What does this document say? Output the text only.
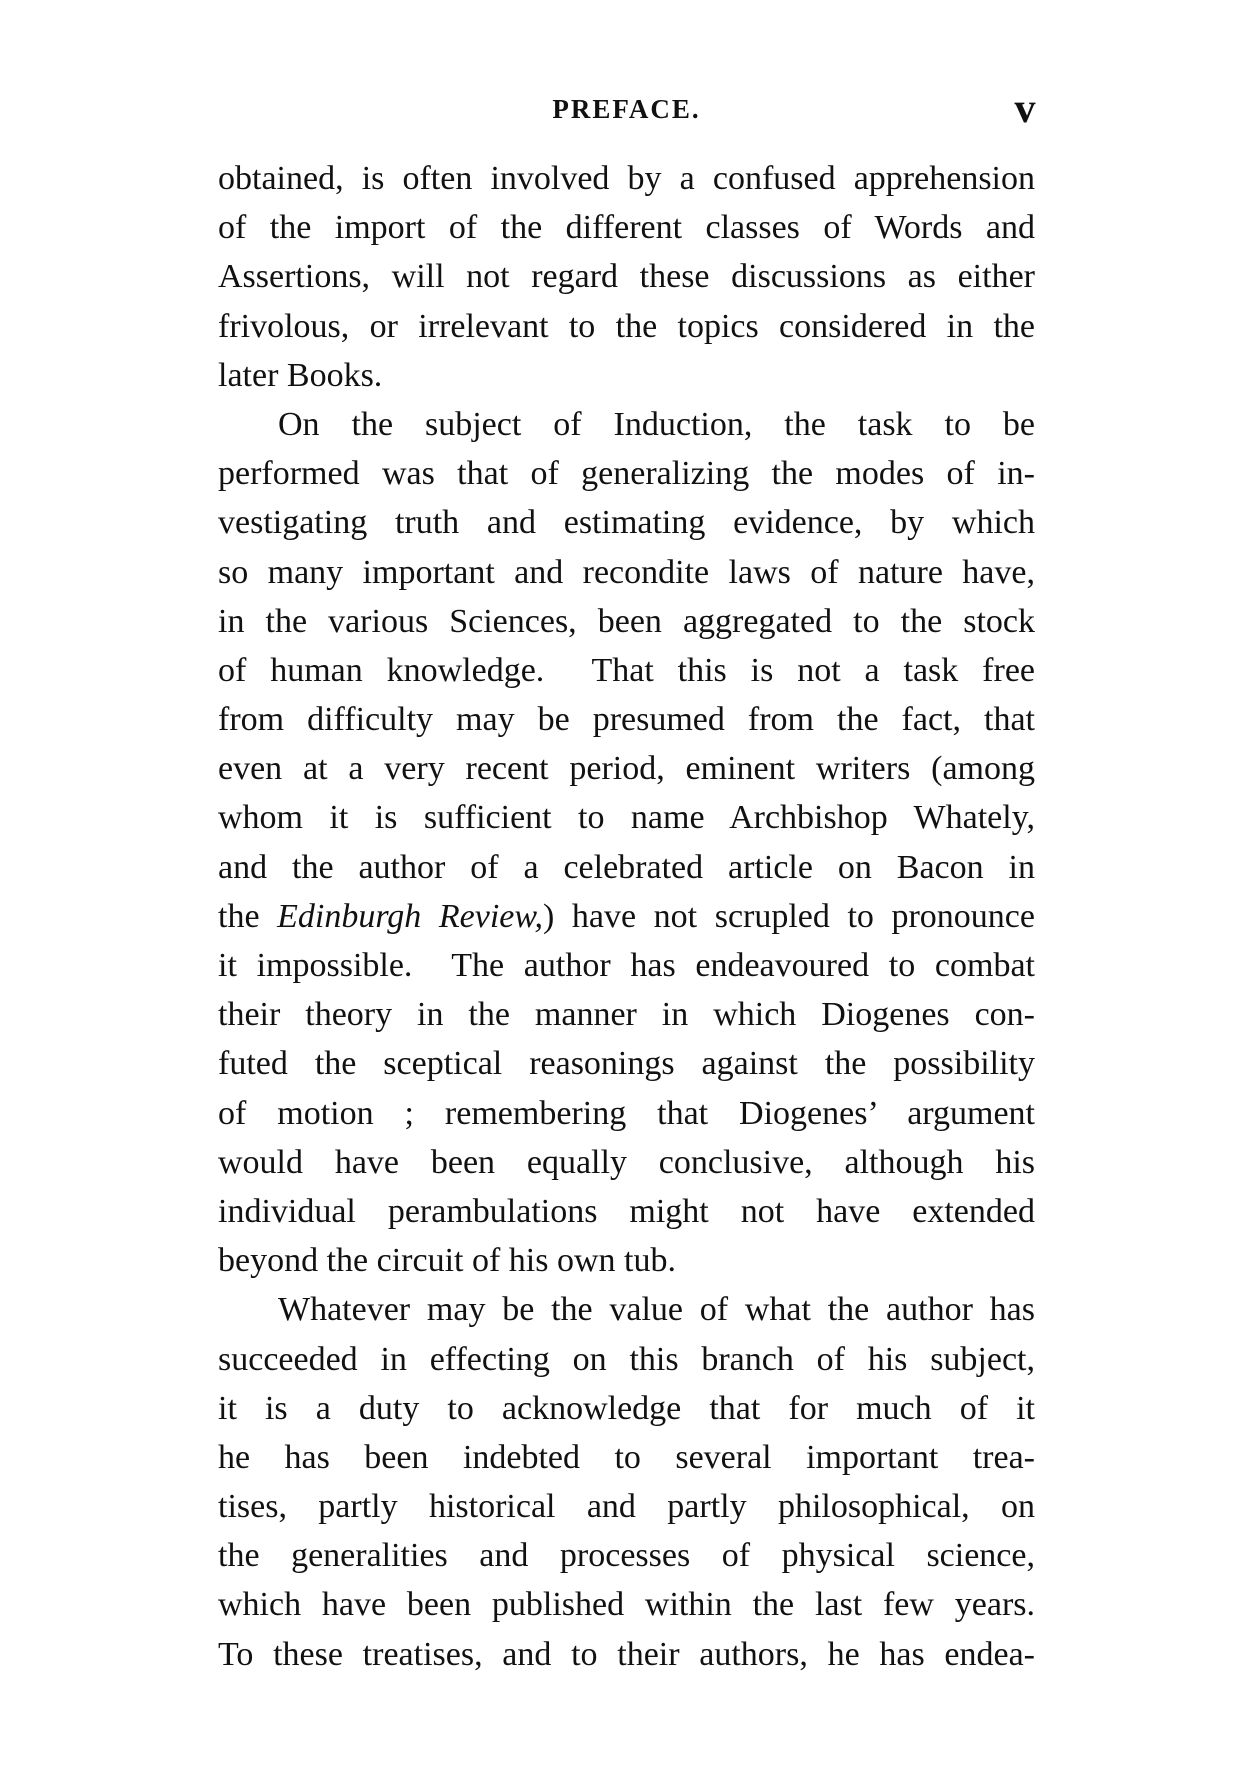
PREFACE.	v
obtained, is often involved by a confused apprehension
of the import of the different classes of Words and
Assertions, will not regard these discussions as either
frivolous, or irrelevant to the topics considered in the
later Books.
On the subject of Induction, the task to be
performed was that of generalizing the modes of in-
vestigating truth and estimating evidence, by which
so many important and recondite laws of nature have,
in the various Sciences, been aggregated to the stock
of human knowledge.  That this is not a task free
from difficulty may be presumed from the fact, that
even at a very recent period, eminent writers (among
whom it is sufficient to name Archbishop Whately,
and the author of a celebrated article on Bacon in
the Edinburgh Review,) have not scrupled to pronounce
it impossible.  The author has endeavoured to combat
their theory in the manner in which Diogenes con-
futed the sceptical reasonings against the possibility
of motion ; remembering that Diogenes’ argument
would have been equally conclusive, although his
individual perambulations might not have extended
beyond the circuit of his own tub.
Whatever may be the value of what the author has
succeeded in effecting on this branch of his subject,
it is a duty to acknowledge that for much of it
he has been indebted to several important trea-
tises, partly historical and partly philosophical, on
the generalities and processes of physical science,
which have been published within the last few years.
To these treatises, and to their authors, he has endea-
